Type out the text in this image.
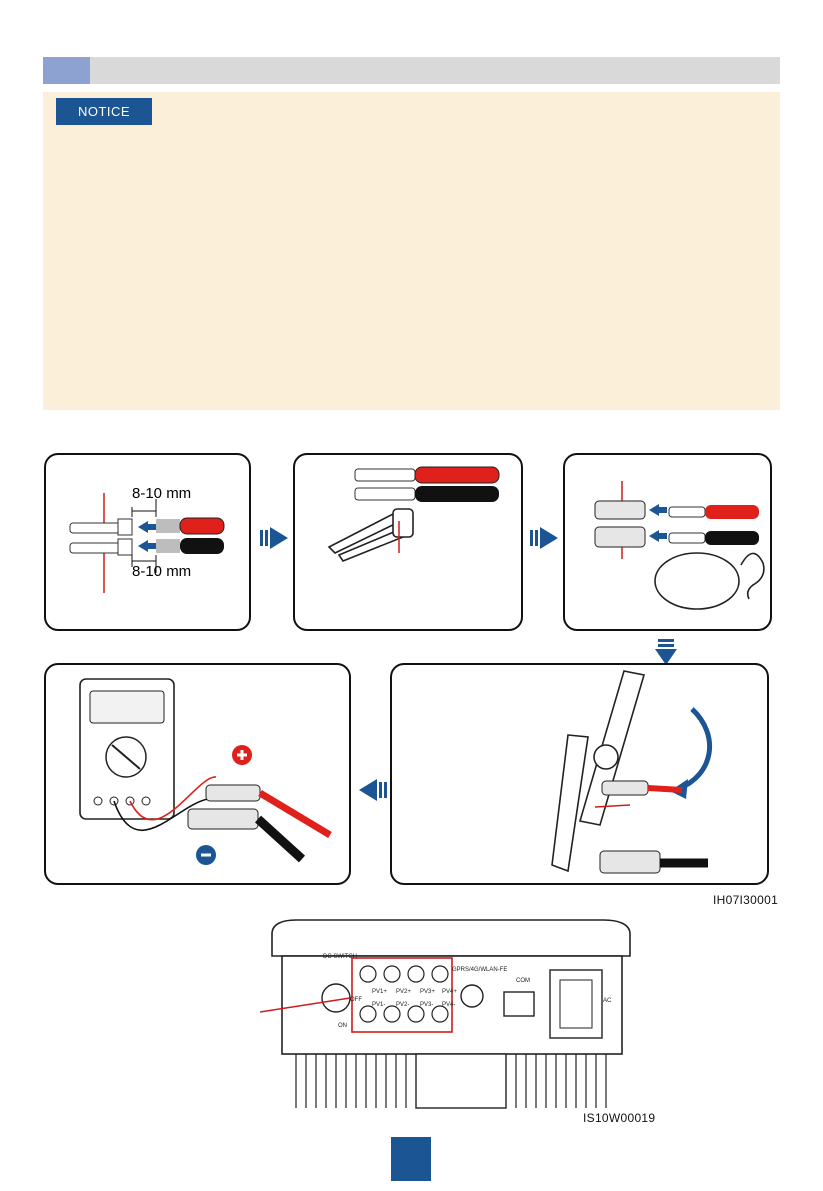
NOTICE
8-10 mm
8-10 mm
IH07I30001
DC SWITCH
OFF
ON
PV1+ PV2+ PV3+ PV4+
PV1- PV2- PV3- PV4-
GPRS/4G/WLAN-FE
COM
AC
IS10W00019
